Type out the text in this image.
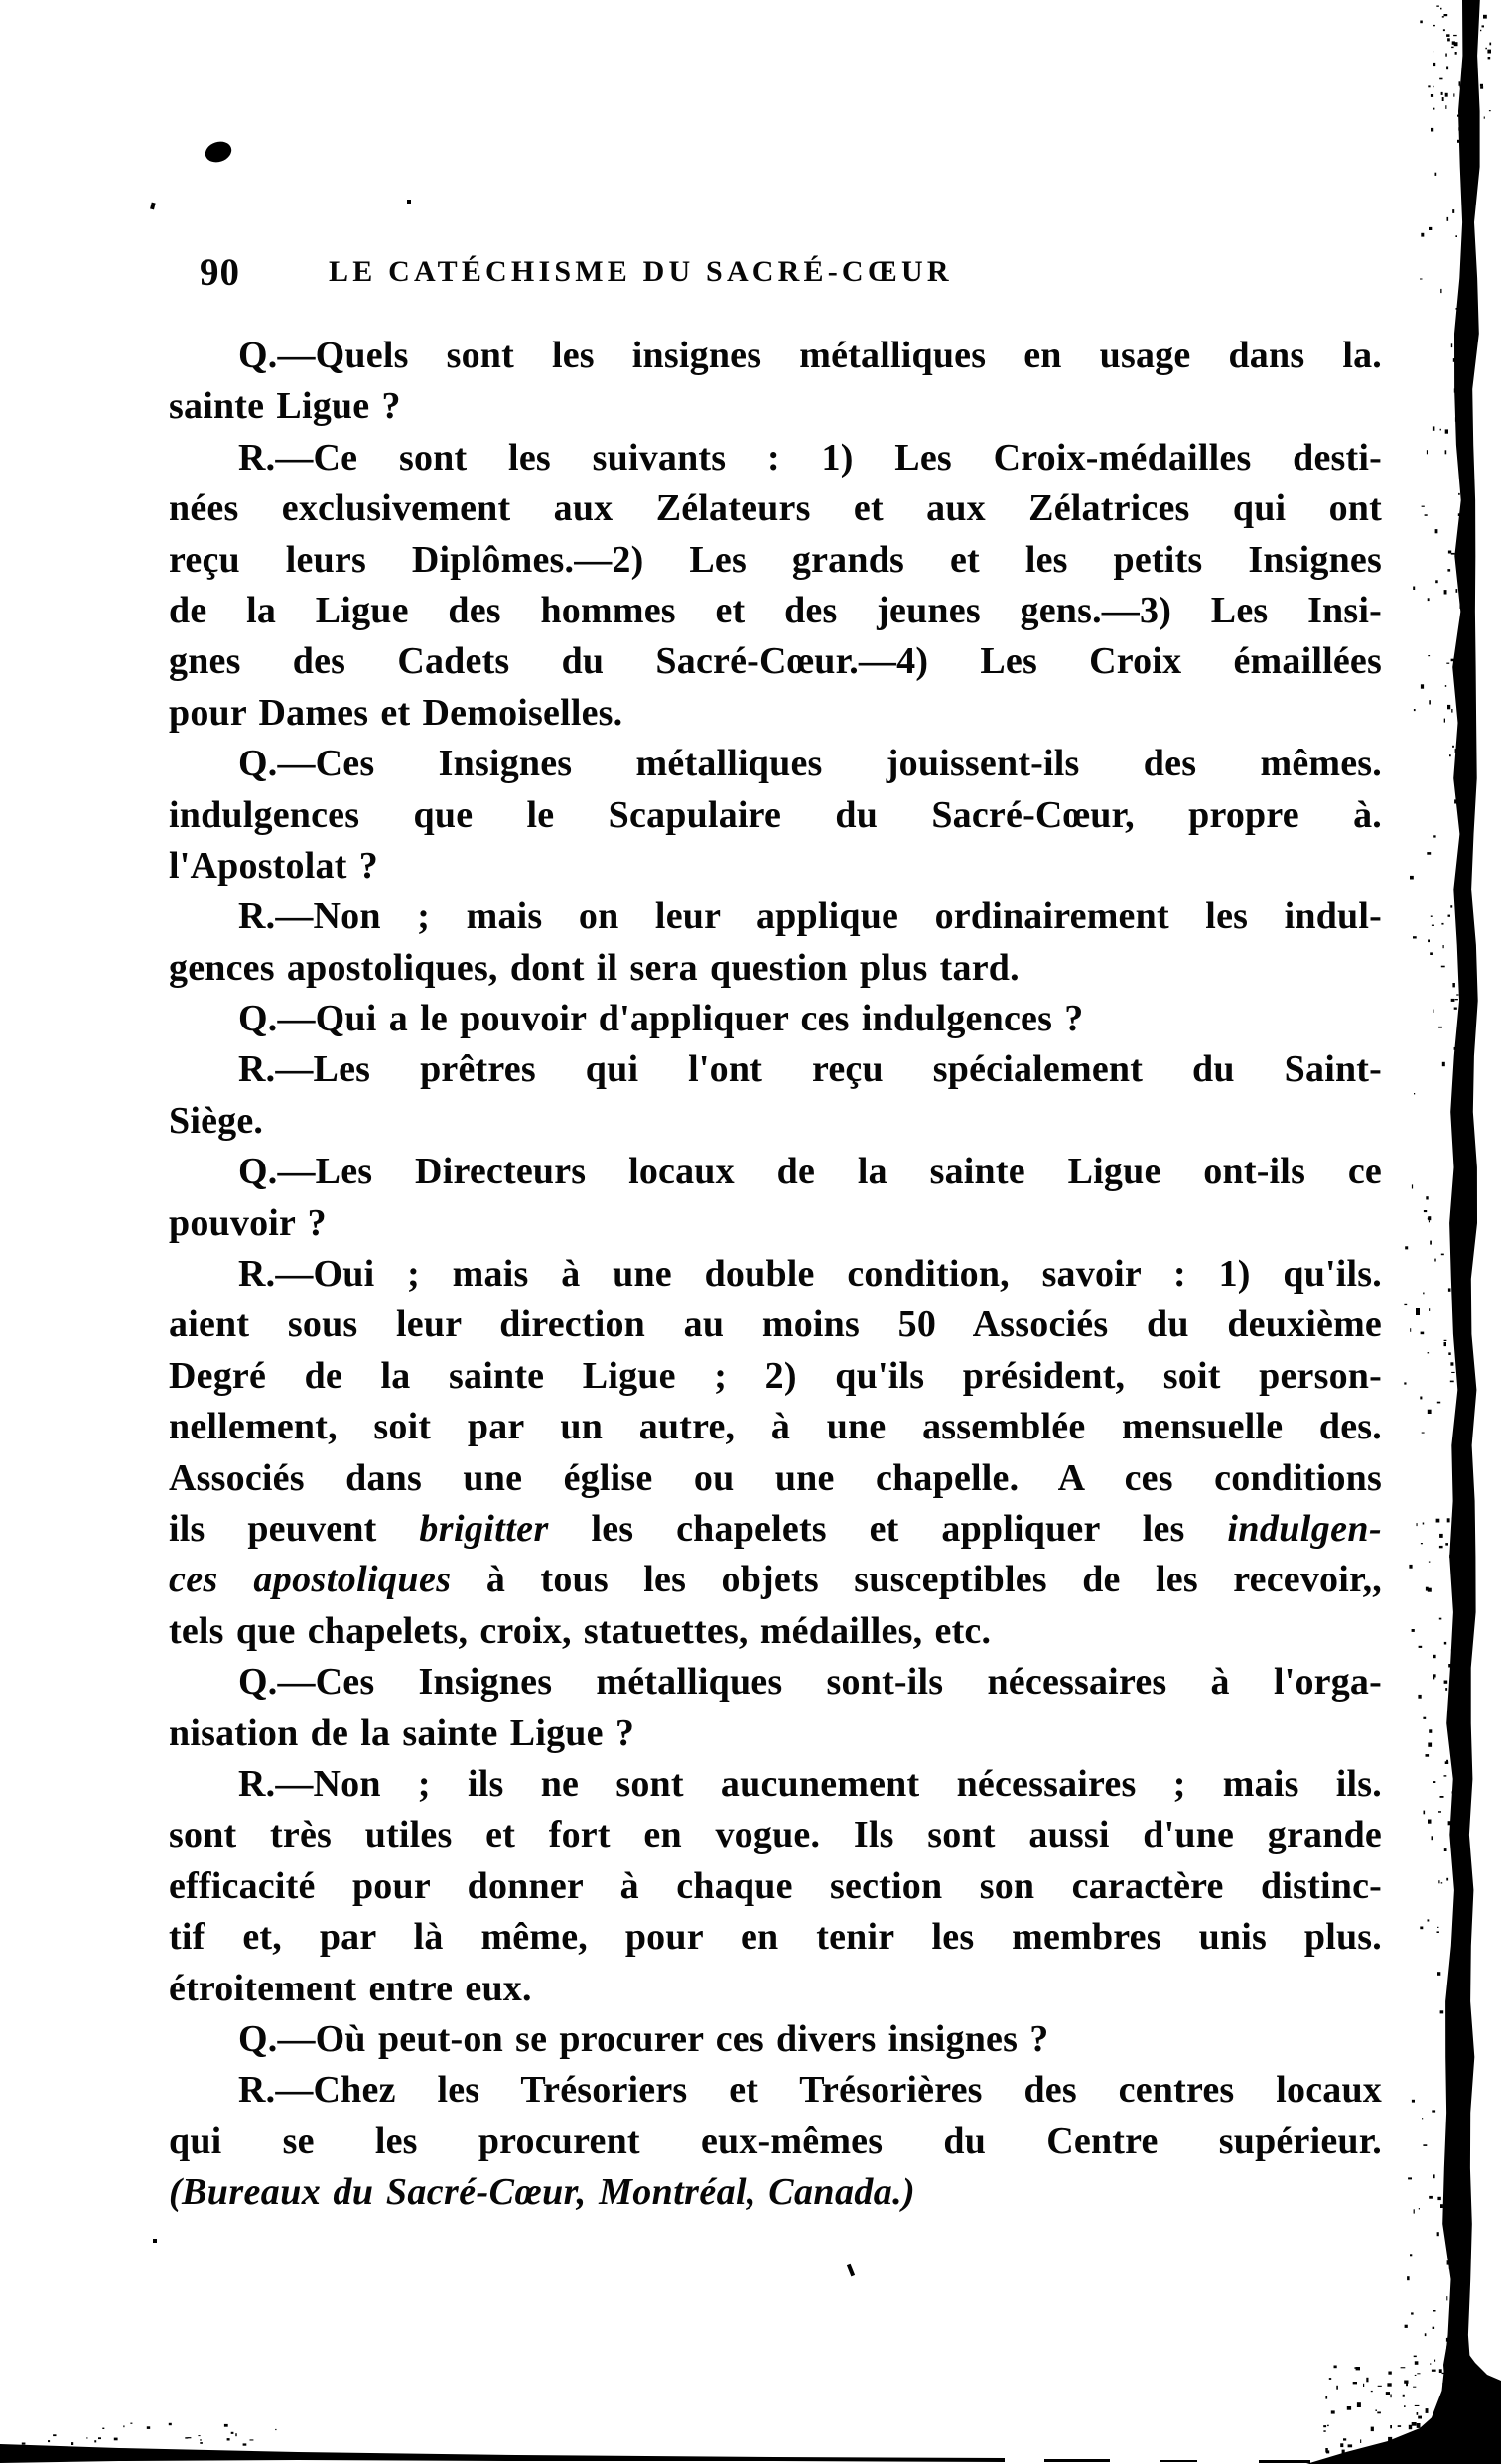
90	LE CATÉCHISME DU SACRÉ-CŒUR
Q.—Quels sont les insignes métalliques en usage dans la.
sainte Ligue ?
R.—Ce sont les suivants : 1) Les Croix-médailles desti-
nées exclusivement aux Zélateurs et aux Zélatrices qui ont
reçu leurs Diplômes.—2) Les grands et les petits Insignes
de la Ligue des hommes et des jeunes gens.—3) Les Insi-
gnes des Cadets du Sacré-Cœur.—4) Les Croix émaillées
pour Dames et Demoiselles.
Q.—Ces Insignes métalliques jouissent-ils des mêmes.
indulgences que le Scapulaire du Sacré-Cœur, propre à.
l'Apostolat ?
R.—Non ; mais on leur applique ordinairement les indul-
gences apostoliques, dont il sera question plus tard.
Q.—Qui a le pouvoir d'appliquer ces indulgences ?
R.—Les prêtres qui l'ont reçu spécialement du Saint-
Siège.
Q.—Les Directeurs locaux de la sainte Ligue ont-ils ce
pouvoir ?
R.—Oui ; mais à une double condition, savoir : 1) qu'ils.
aient sous leur direction au moins 50 Associés du deuxième
Degré de la sainte Ligue ; 2) qu'ils président, soit person-
nellement, soit par un autre, à une assemblée mensuelle des.
Associés dans une église ou une chapelle. A ces conditions
ils peuvent brigitter les chapelets et appliquer les indulgen-
ces apostoliques à tous les objets susceptibles de les recevoir,,
tels que chapelets, croix, statuettes, médailles, etc.
Q.—Ces Insignes métalliques sont-ils nécessaires à l'orga-
nisation de la sainte Ligue ?
R.—Non ; ils ne sont aucunement nécessaires ; mais ils.
sont très utiles et fort en vogue. Ils sont aussi d'une grande
efficacité pour donner à chaque section son caractère distinc-
tif et, par là même, pour en tenir les membres unis plus.
étroitement entre eux.
Q.—Où peut-on se procurer ces divers insignes ?
R.—Chez les Trésoriers et Trésorières des centres locaux
qui se les procurent eux-mêmes du Centre supérieur.
(Bureaux du Sacré-Cœur, Montréal, Canada.)
